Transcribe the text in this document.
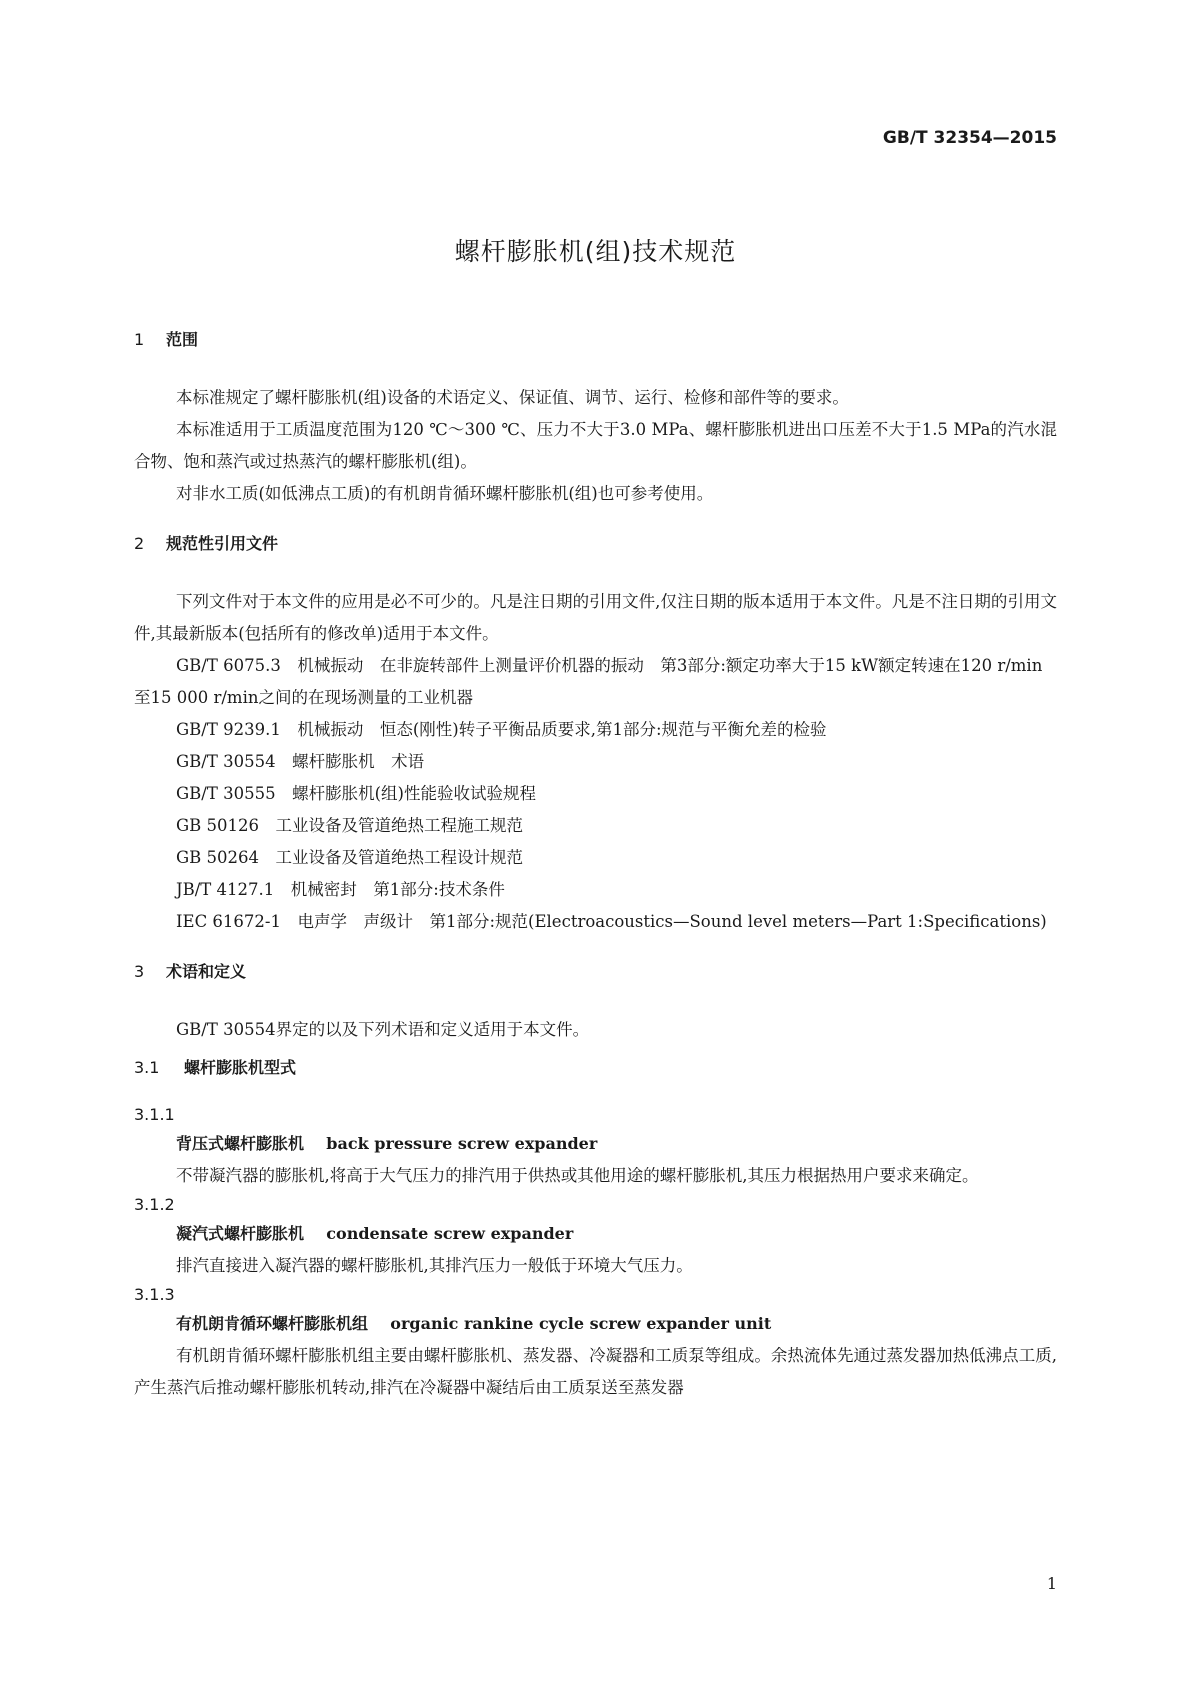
GB/T 32354—2015
螺杆膨胀机(组)技术规范
1 范围
本标准规定了螺杆膨胀机(组)设备的术语定义、保证值、调节、运行、检修和部件等的要求。
本标准适用于工质温度范围为120 ℃～300 ℃、压力不大于3.0 MPa、螺杆膨胀机进出口压差不大于1.5 MPa的汽水混合物、饱和蒸汽或过热蒸汽的螺杆膨胀机(组)。
对非水工质(如低沸点工质)的有机朗肯循环螺杆膨胀机(组)也可参考使用。
2 规范性引用文件
下列文件对于本文件的应用是必不可少的。凡是注日期的引用文件,仅注日期的版本适用于本文件。凡是不注日期的引用文件,其最新版本(包括所有的修改单)适用于本文件。
GB/T 6075.3　机械振动　在非旋转部件上测量评价机器的振动　第3部分:额定功率大于15 kW额定转速在120 r/min至15 000 r/min之间的在现场测量的工业机器
GB/T 9239.1　机械振动　恒态(刚性)转子平衡品质要求,第1部分:规范与平衡允差的检验
GB/T 30554　螺杆膨胀机　术语
GB/T 30555　螺杆膨胀机(组)性能验收试验规程
GB 50126　工业设备及管道绝热工程施工规范
GB 50264　工业设备及管道绝热工程设计规范
JB/T 4127.1　机械密封　第1部分:技术条件
IEC 61672-1　电声学　声级计　第1部分:规范(Electroacoustics—Sound level meters—Part 1:Specifications)
3 术语和定义
GB/T 30554界定的以及下列术语和定义适用于本文件。
3.1 螺杆膨胀机型式
3.1.1
背压式螺杆膨胀机 back pressure screw expander
不带凝汽器的膨胀机,将高于大气压力的排汽用于供热或其他用途的螺杆膨胀机,其压力根据热用户要求来确定。
3.1.2
凝汽式螺杆膨胀机 condensate screw expander
排汽直接进入凝汽器的螺杆膨胀机,其排汽压力一般低于环境大气压力。
3.1.3
有机朗肯循环螺杆膨胀机组 organic rankine cycle screw expander unit
有机朗肯循环螺杆膨胀机组主要由螺杆膨胀机、蒸发器、冷凝器和工质泵等组成。余热流体先通过蒸发器加热低沸点工质,产生蒸汽后推动螺杆膨胀机转动,排汽在冷凝器中凝结后由工质泵送至蒸发器
1
